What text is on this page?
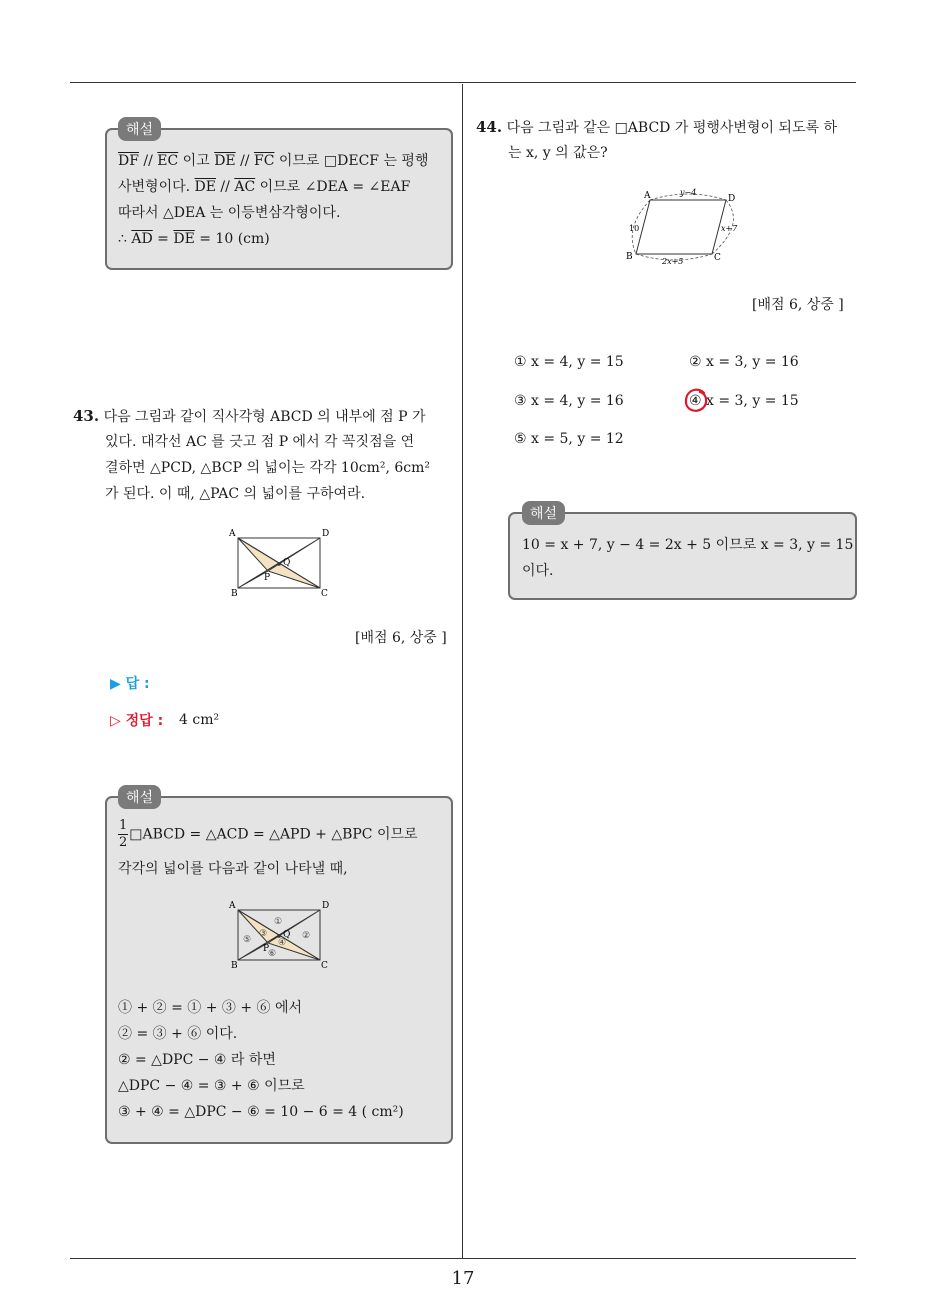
해설
$\overline{DF} // \overline{EC}$ 이고 $\overline{DE} // \overline{FC}$ 이므로 □DECF 는 평행
사변형이다. $\overline{DE} // \overline{AC}$ 이므로 ∠DEA = ∠EAF
따라서 △DEA 는 이등변삼각형이다.
∴ $\overline{AD} = \overline{DE} = 10$ (cm)
43. 다음 그림과 같이 직사각형 ABCD 의 내부에 점 P 가
있다. 대각선 AC 를 긋고 점 P 에서 각 꼭짓점을 연
결하면 △PCD, △BCP 의 넓이는 각각 10cm², 6cm²
가 된다. 이 때, △PAC 의 넓이를 구하여라.
A	D
B	C
P
Q
[배점 6, 상중 ]
▶ 답 :
▷ 정답 : 4 cm²
해설
$\frac{1}{2}$ □ABCD = △ACD = △APD + △BPC 이므로
각각의 넓이를 다음과 같이 나타낼 때,
A	D
B	C
P
Q
①
②
③
④
⑤
⑥
① + ② = ① + ③ + ⑥ 에서
② = ③ + ⑥ 이다.
② = △DPC − ④ 라 하면
△DPC − ④ = ③ + ⑥ 이므로
③ + ④ = △DPC − ⑥ = 10 − 6 = 4 ( cm²)
44. 다음 그림과 같은 □ABCD 가 평행사변형이 되도록 하
는 x, y 의 값은?
A	D
B	C
y−4
10	x+7
2x+5
[배점 6, 상중 ]
① x = 4, y = 15	② x = 3, y = 16
③ x = 4, y = 16	④ x = 3, y = 15
⑤ x = 5, y = 12
해설
10 = x + 7, y − 4 = 2x + 5 이므로 x = 3, y = 15
이다.
17
